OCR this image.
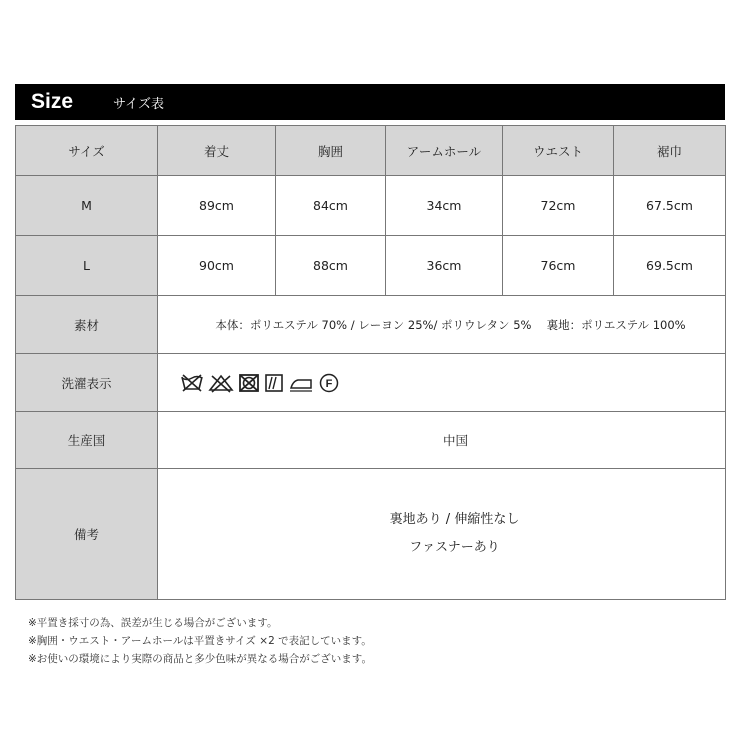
Size	サイズ表
サイズ	着丈	胸囲	アームホール	ウエスト	裾巾
M	89cm	84cm	34cm	72cm	67.5cm
L	90cm	88cm	36cm	76cm	69.5cm
素材	本体：ポリエステル 70% / レーヨン 25%/ ポリウレタン 5%　 裏地：ポリエステル 100%				

洗濯表示	F				

生産国	中国				

備考	裏地あり / 伸縮性なし
ファスナーあり				
※平置き採寸の為、誤差が生じる場合がございます。
※胸囲・ウエスト・アームホールは平置きサイズ ×2 で表記しています。
※お使いの環境により実際の商品と多少色味が異なる場合がございます。
